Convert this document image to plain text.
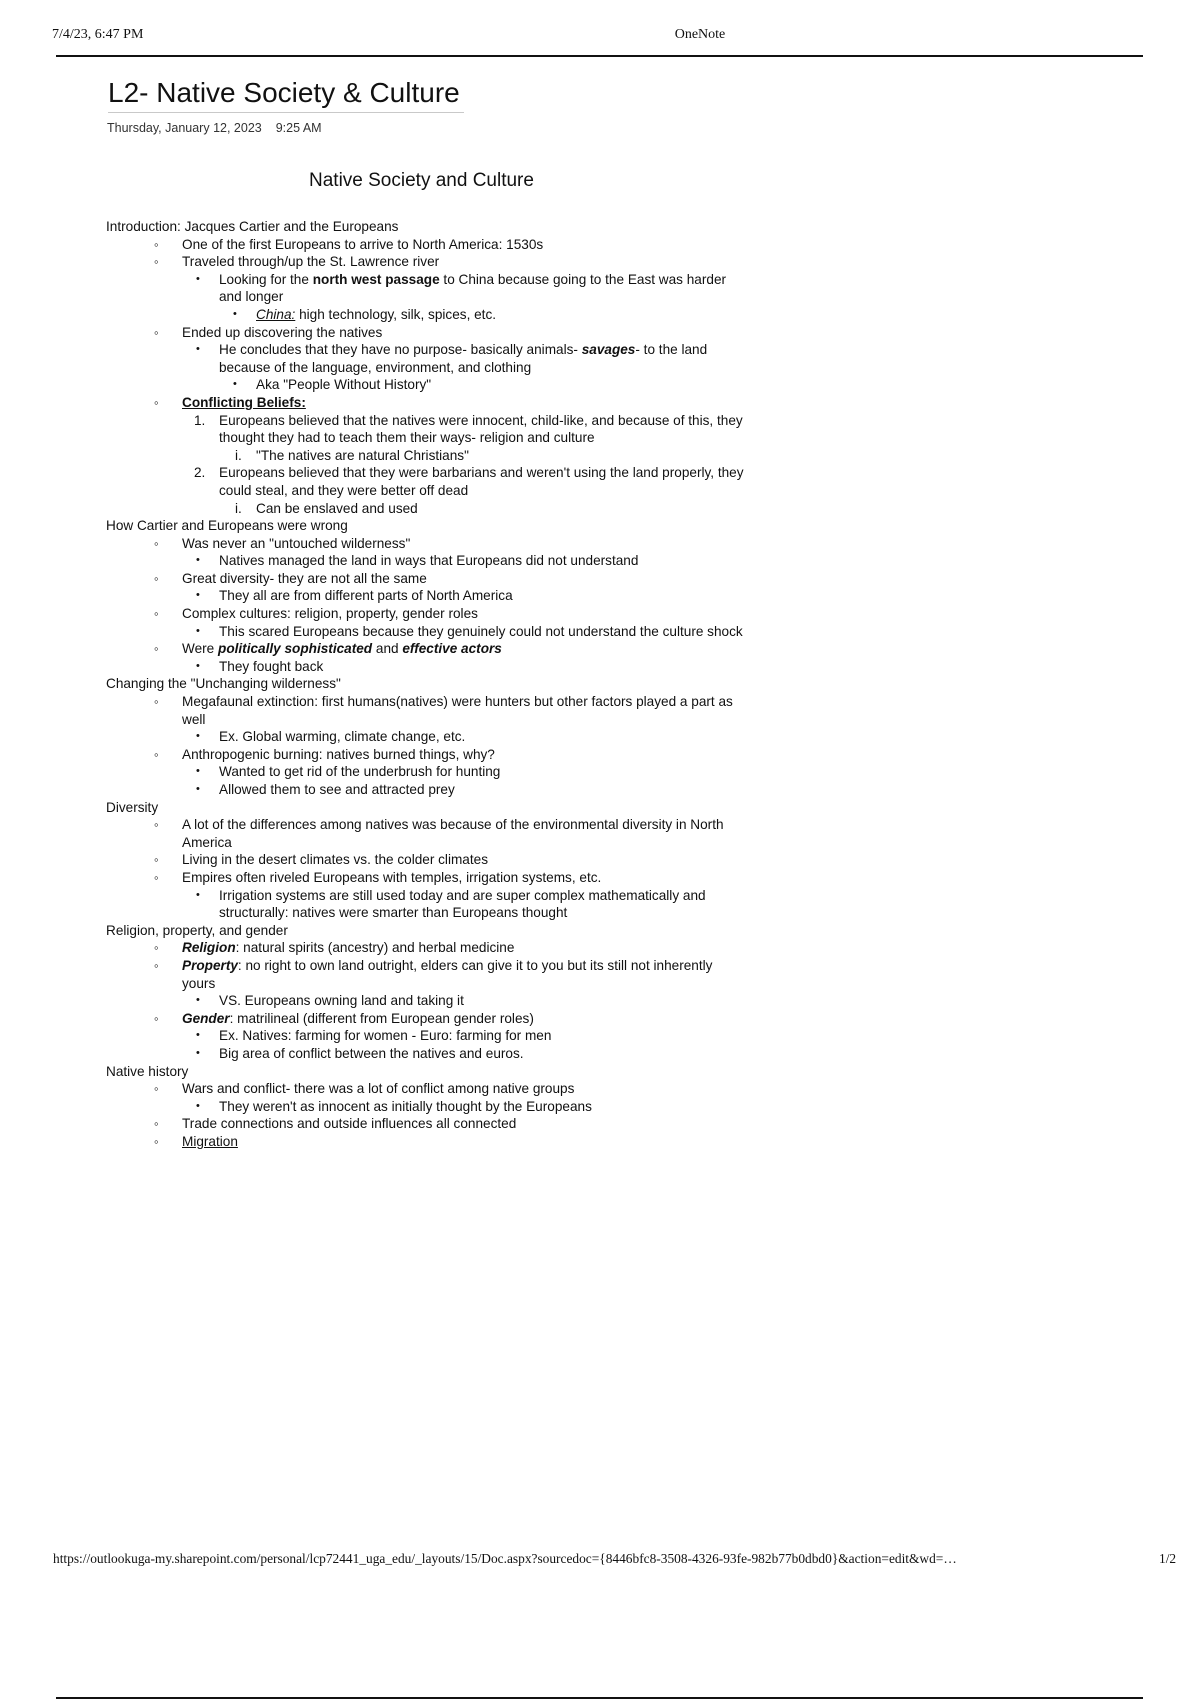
7/4/23, 6:47 PM	OneNote
L2- Native Society & Culture
Thursday, January 12, 2023 9:25 AM
Native Society and Culture
Introduction: Jacques Cartier and the Europeans
◦ One of the first Europeans to arrive to North America: 1530s
◦ Traveled through/up the St. Lawrence river
• Looking for the north west passage to China because going to the East was harder and longer
• China: high technology, silk, spices, etc.
◦ Ended up discovering the natives
• He concludes that they have no purpose- basically animals- savages- to the land because of the language, environment, and clothing
• Aka "People Without History"
◦ Conflicting Beliefs:
1. Europeans believed that the natives were innocent, child-like, and because of this, they thought they had to teach them their ways- religion and culture
i. "The natives are natural Christians"
2. Europeans believed that they were barbarians and weren't using the land properly, they could steal, and they were better off dead
i. Can be enslaved and used
How Cartier and Europeans were wrong
◦ Was never an "untouched wilderness"
• Natives managed the land in ways that Europeans did not understand
◦ Great diversity- they are not all the same
• They all are from different parts of North America
◦ Complex cultures: religion, property, gender roles
• This scared Europeans because they genuinely could not understand the culture shock
◦ Were politically sophisticated and effective actors
• They fought back
Changing the "Unchanging wilderness"
◦ Megafaunal extinction: first humans(natives) were hunters but other factors played a part as well
• Ex. Global warming, climate change, etc.
◦ Anthropogenic burning: natives burned things, why?
• Wanted to get rid of the underbrush for hunting
• Allowed them to see and attracted prey
Diversity
◦ A lot of the differences among natives was because of the environmental diversity in North America
◦ Living in the desert climates vs. the colder climates
◦ Empires often riveled Europeans with temples, irrigation systems, etc.
• Irrigation systems are still used today and are super complex mathematically and structurally: natives were smarter than Europeans thought
Religion, property, and gender
◦ Religion: natural spirits (ancestry) and herbal medicine
◦ Property: no right to own land outright, elders can give it to you but its still not inherently yours
• VS. Europeans owning land and taking it
◦ Gender: matrilineal (different from European gender roles)
• Ex. Natives: farming for women - Euro: farming for men
• Big area of conflict between the natives and euros.
Native history
◦ Wars and conflict- there was a lot of conflict among native groups
• They weren't as innocent as initially thought by the Europeans
◦ Trade connections and outside influences all connected
◦ Migration
https://outlookuga-my.sharepoint.com/personal/lcp72441_uga_edu/_layouts/15/Doc.aspx?sourcedoc={8446bfc8-3508-4326-93fe-982b77b0dbd0}&action=edit&wd=…	1/2
